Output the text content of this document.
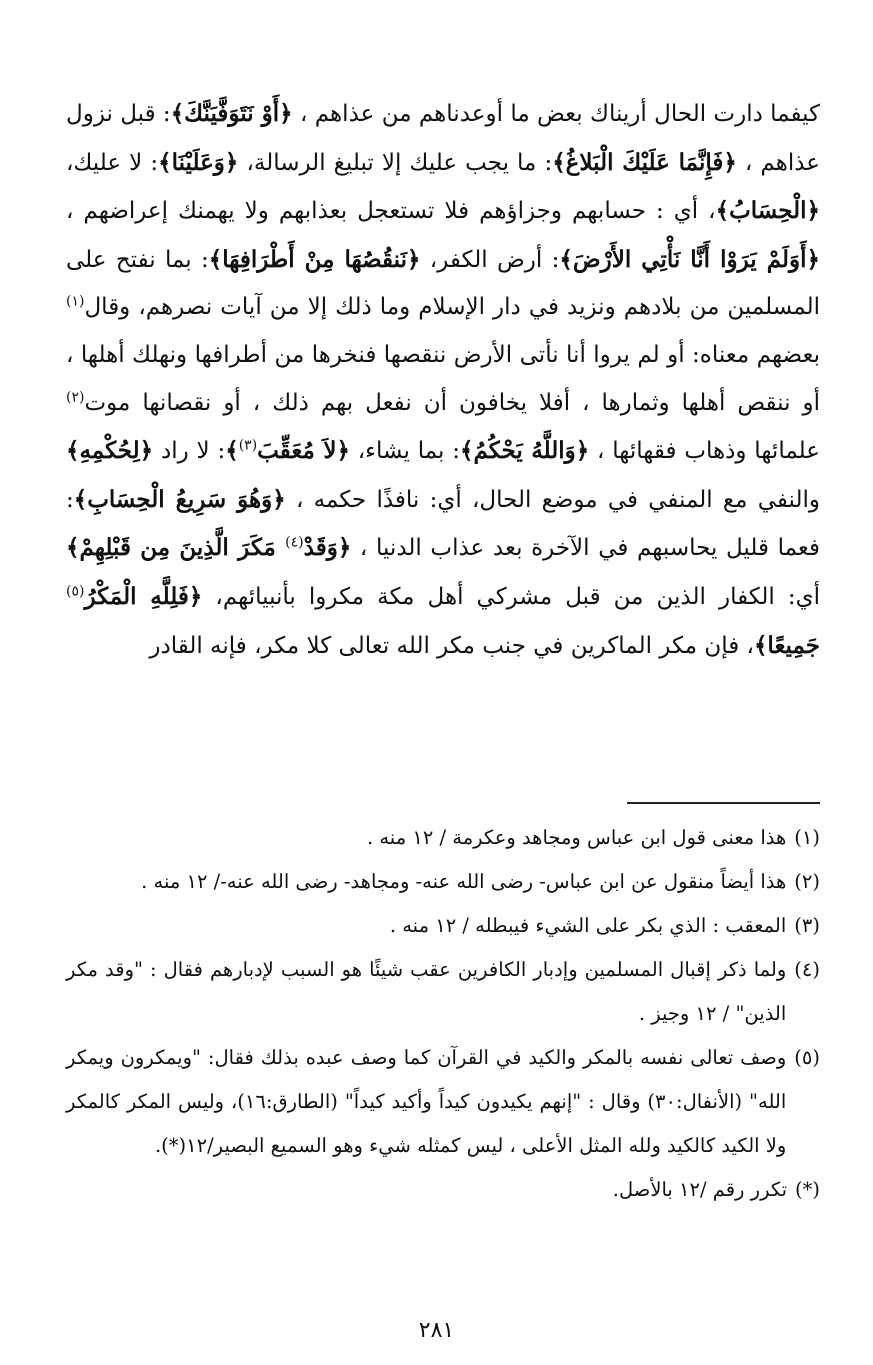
كيفما دارت الحال أريناك بعض ما أوعدناهم من عذاهم ، ﴿أَوْ نَتَوَفَّيَنَّكَ﴾: قبل نزول عذاهم ، ﴿فَإِنَّمَا عَلَيْكَ الْبَلاغُ﴾: ما يجب عليك إلا تبليغ الرسالة، ﴿وَعَلَيْنَا﴾: لا عليك، ﴿الْحِسَابُ﴾، أي : حسابهم وجزاؤهم فلا تستعجل بعذابهم ولا يهمنك إعراضهم ، ﴿أَوَلَمْ يَرَوْا أَنَّا نَأْتِي الأَرْضَ﴾: أرض الكفر، ﴿نَنقُصُهَا مِنْ أَطْرَافِهَا﴾: بما نفتح على المسلمين من بلادهم ونزيد في دار الإسلام وما ذلك إلا من آيات نصرهم، وقال$^{(١)}$ بعضهم معناه: أو لم يروا أنا نأتى الأرض ننقصها فنخرها من أطرافها ونهلك أهلها ، أو ننقص أهلها وثمارها ، أفلا يخافون أن نفعل بهم ذلك ، أو نقصانها موت$^{(٢)}$ علمائها وذهاب فقهائها ، ﴿وَاللَّهُ يَحْكُمُ﴾: بما يشاء، ﴿لاَ مُعَقِّبَ$^{(٣)}$﴾: لا راد ﴿لِحُكْمِهِ﴾ والنفي مع المنفي في موضع الحال، أي: نافذًا حكمه ، ﴿وَهُوَ سَرِيعُ الْحِسَابِ﴾: فعما قليل يحاسبهم في الآخرة بعد عذاب الدنيا ، ﴿وَقَدْ$^{(٤)}$ مَكَرَ الَّذِينَ مِن قَبْلِهِمْ﴾ أي: الكفار الذين من قبل مشركي أهل مكة مكروا بأنبيائهم، ﴿فَلِلَّهِ الْمَكْرُ$^{(٥)}$ جَمِيعًا﴾، فإن مكر الماكرين في جنب مكر الله تعالى كلا مكر، فإنه القادر

(١)
هذا معنى قول ابن عباس ومجاهد وعكرمة / ١٢ منه .
(٢)
هذا أيضاً منقول عن ابن عباس- رضى الله عنه- ومجاهد- رضى الله عنه-/ ١٢ منه .
(٣)
المعقب : الذي بكر على الشيء فيبطله / ١٢ منه .
(٤)
ولما ذكر إقبال المسلمين وإدبار الكافرين عقب شيئًا هو السبب لإدبارهم فقال : "وقد مكر الذين" / ١٢ وجيز .
(٥)
وصف تعالى نفسه بالمكر والكيد في القرآن كما وصف عبده بذلك فقال: "ويمكرون ويمكر الله" (الأنفال:٣٠) وقال : "إنهم يكيدون كيداً وأكيد كيداً" (الطارق:١٦)، وليس المكر كالمكر ولا الكيد كالكيد ولله المثل الأعلى ، ليس كمثله شيء وهو السميع البصير/١٢(*).
(*)
تكرر رقم /١٢ بالأصل.
٢٨١
